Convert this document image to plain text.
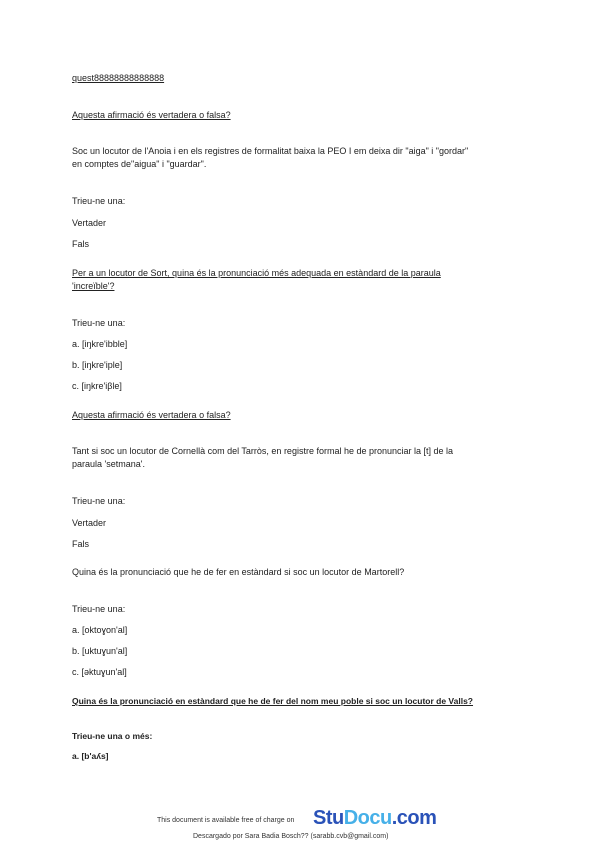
quest88888888888888
Aquesta afirmació és vertadera o falsa?
Soc un locutor de l'Anoia i en els registres de formalitat baixa la PEO I em deixa dir "aiga" i "gordar"
en comptes de"aigua" i "guardar".
Trieu-ne una:
Vertader
Fals
Per a un locutor de Sort, quina és la pronunciació més adequada en estàndard de la paraula
'increïble'?
Trieu-ne una:
a. [iŋkre'ibble]
b. [iŋkre'iple]
c. [iŋkre'iβle]
Aquesta afirmació és vertadera o falsa?
Tant si soc un locutor de Cornellà com del Tarròs, en registre formal he de pronunciar la [t] de la
paraula 'setmana'.
Trieu-ne una:
Vertader
Fals
Quina és la pronunciació que he de fer en estàndard si soc un locutor de Martorell?
Trieu-ne una:
a. [oktoɣon'al]
b. [uktuɣun'al]
c. [əktuɣun'al]
Quina és la pronunciació en estàndard que he de fer del nom meu poble si soc un locutor de Valls?
Trieu-ne una o més:
a. [b'aʎs]
This document is available free of charge on StuDocu.com
Descargado por Sara Badia Bosch?? (sarabb.cvb@gmail.com)
